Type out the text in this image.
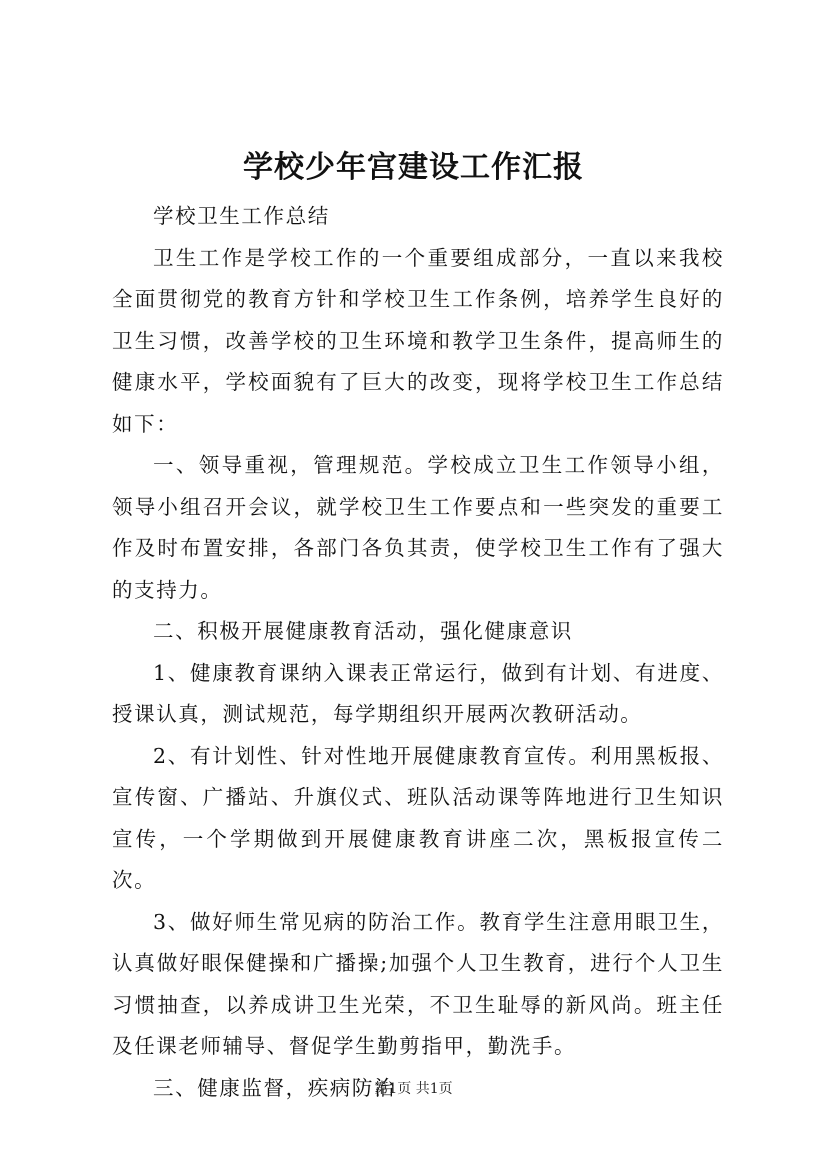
学校少年宫建设工作汇报

学校卫生工作总结

卫生工作是学校工作的一个重要组成部分，一直以来我校全面贯彻党的教育方针和学校卫生工作条例，培养学生良好的卫生习惯，改善学校的卫生环境和教学卫生条件，提高师生的健康水平，学校面貌有了巨大的改变，现将学校卫生工作总结如下：

一、领导重视，管理规范。学校成立卫生工作领导小组，领导小组召开会议，就学校卫生工作要点和一些突发的重要工作及时布置安排，各部门各负其责，使学校卫生工作有了强大的支持力。

二、积极开展健康教育活动，强化健康意识

1、健康教育课纳入课表正常运行，做到有计划、有进度、授课认真，测试规范，每学期组织开展两次教研活动。

2、有计划性、针对性地开展健康教育宣传。利用黑板报、宣传窗、广播站、升旗仪式、班队活动课等阵地进行卫生知识宣传，一个学期做到开展健康教育讲座二次，黑板报宣传二次。

3、做好师生常见病的防治工作。教育学生注意用眼卫生，认真做好眼保健操和广播操;加强个人卫生教育，进行个人卫生习惯抽查，以养成讲卫生光荣，不卫生耻辱的新风尚。班主任及任课老师辅导、督促学生勤剪指甲，勤洗手。

三、健康监督，疾病防治

第1页 共1页
